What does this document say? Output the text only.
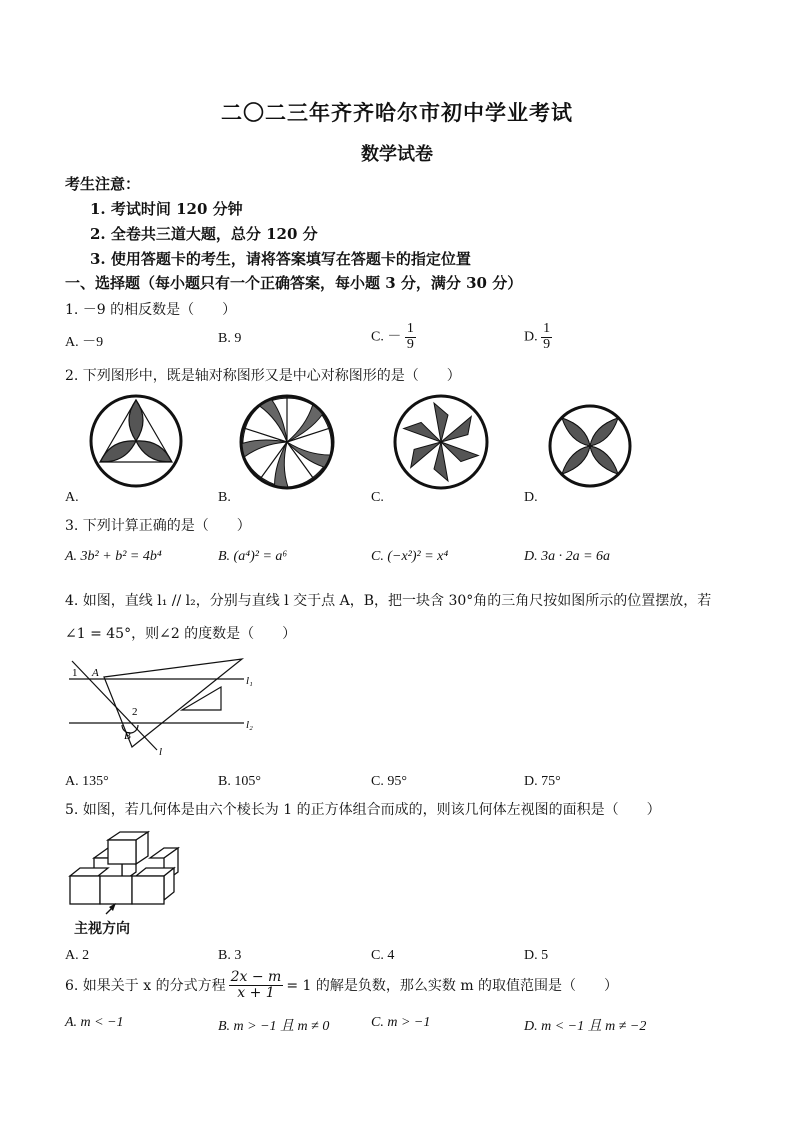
二〇二三年齐齐哈尔市初中学业考试
数学试卷
考生注意：
1. 考试时间 120 分钟
2. 全卷共三道大题，总分 120 分
3. 使用答题卡的考生，请将答案填写在答题卡的指定位置
一、选择题（每小题只有一个正确答案，每小题 3 分，满分 30 分）
1. －9 的相反数是（　　）
A. －9	B. 9	C. － $\frac{1}{9}$	D. $\frac{1}{9}$
2. 下列图形中，既是轴对称图形又是中心对称图形的是（　　）
A.	B.	C.	D.
3. 下列计算正确的是（　　）
A. 3b² + b² = 4b⁴	B. (a⁴)² = a⁶	C. (−x²)² = x⁴	D. 3a · 2a = 6a
4. 如图，直线 l₁ // l₂，分别与直线 l 交于点 A，B，把一块含 30°角的三角尺按如图所示的位置摆放，若
∠1 = 45°，则∠2 的度数是（　　）
1 A
2
B
l
l₁
l₂
A. 135°	B. 105°	C. 95°	D. 75°
5. 如图，若几何体是由六个棱长为 1 的正方体组合而成的，则该几何体左视图的面积是（　　）
主视方向
A. 2	B. 3	C. 4	D. 5
6. 如果关于 x 的分式方程 $\frac{2x - m}{x + 1} = 1$ 的解是负数，那么实数 m 的取值范围是（　　）
A. m < −1	B. m > −1 且 m ≠ 0	C. m > −1	D. m < −1 且 m ≠ −2
